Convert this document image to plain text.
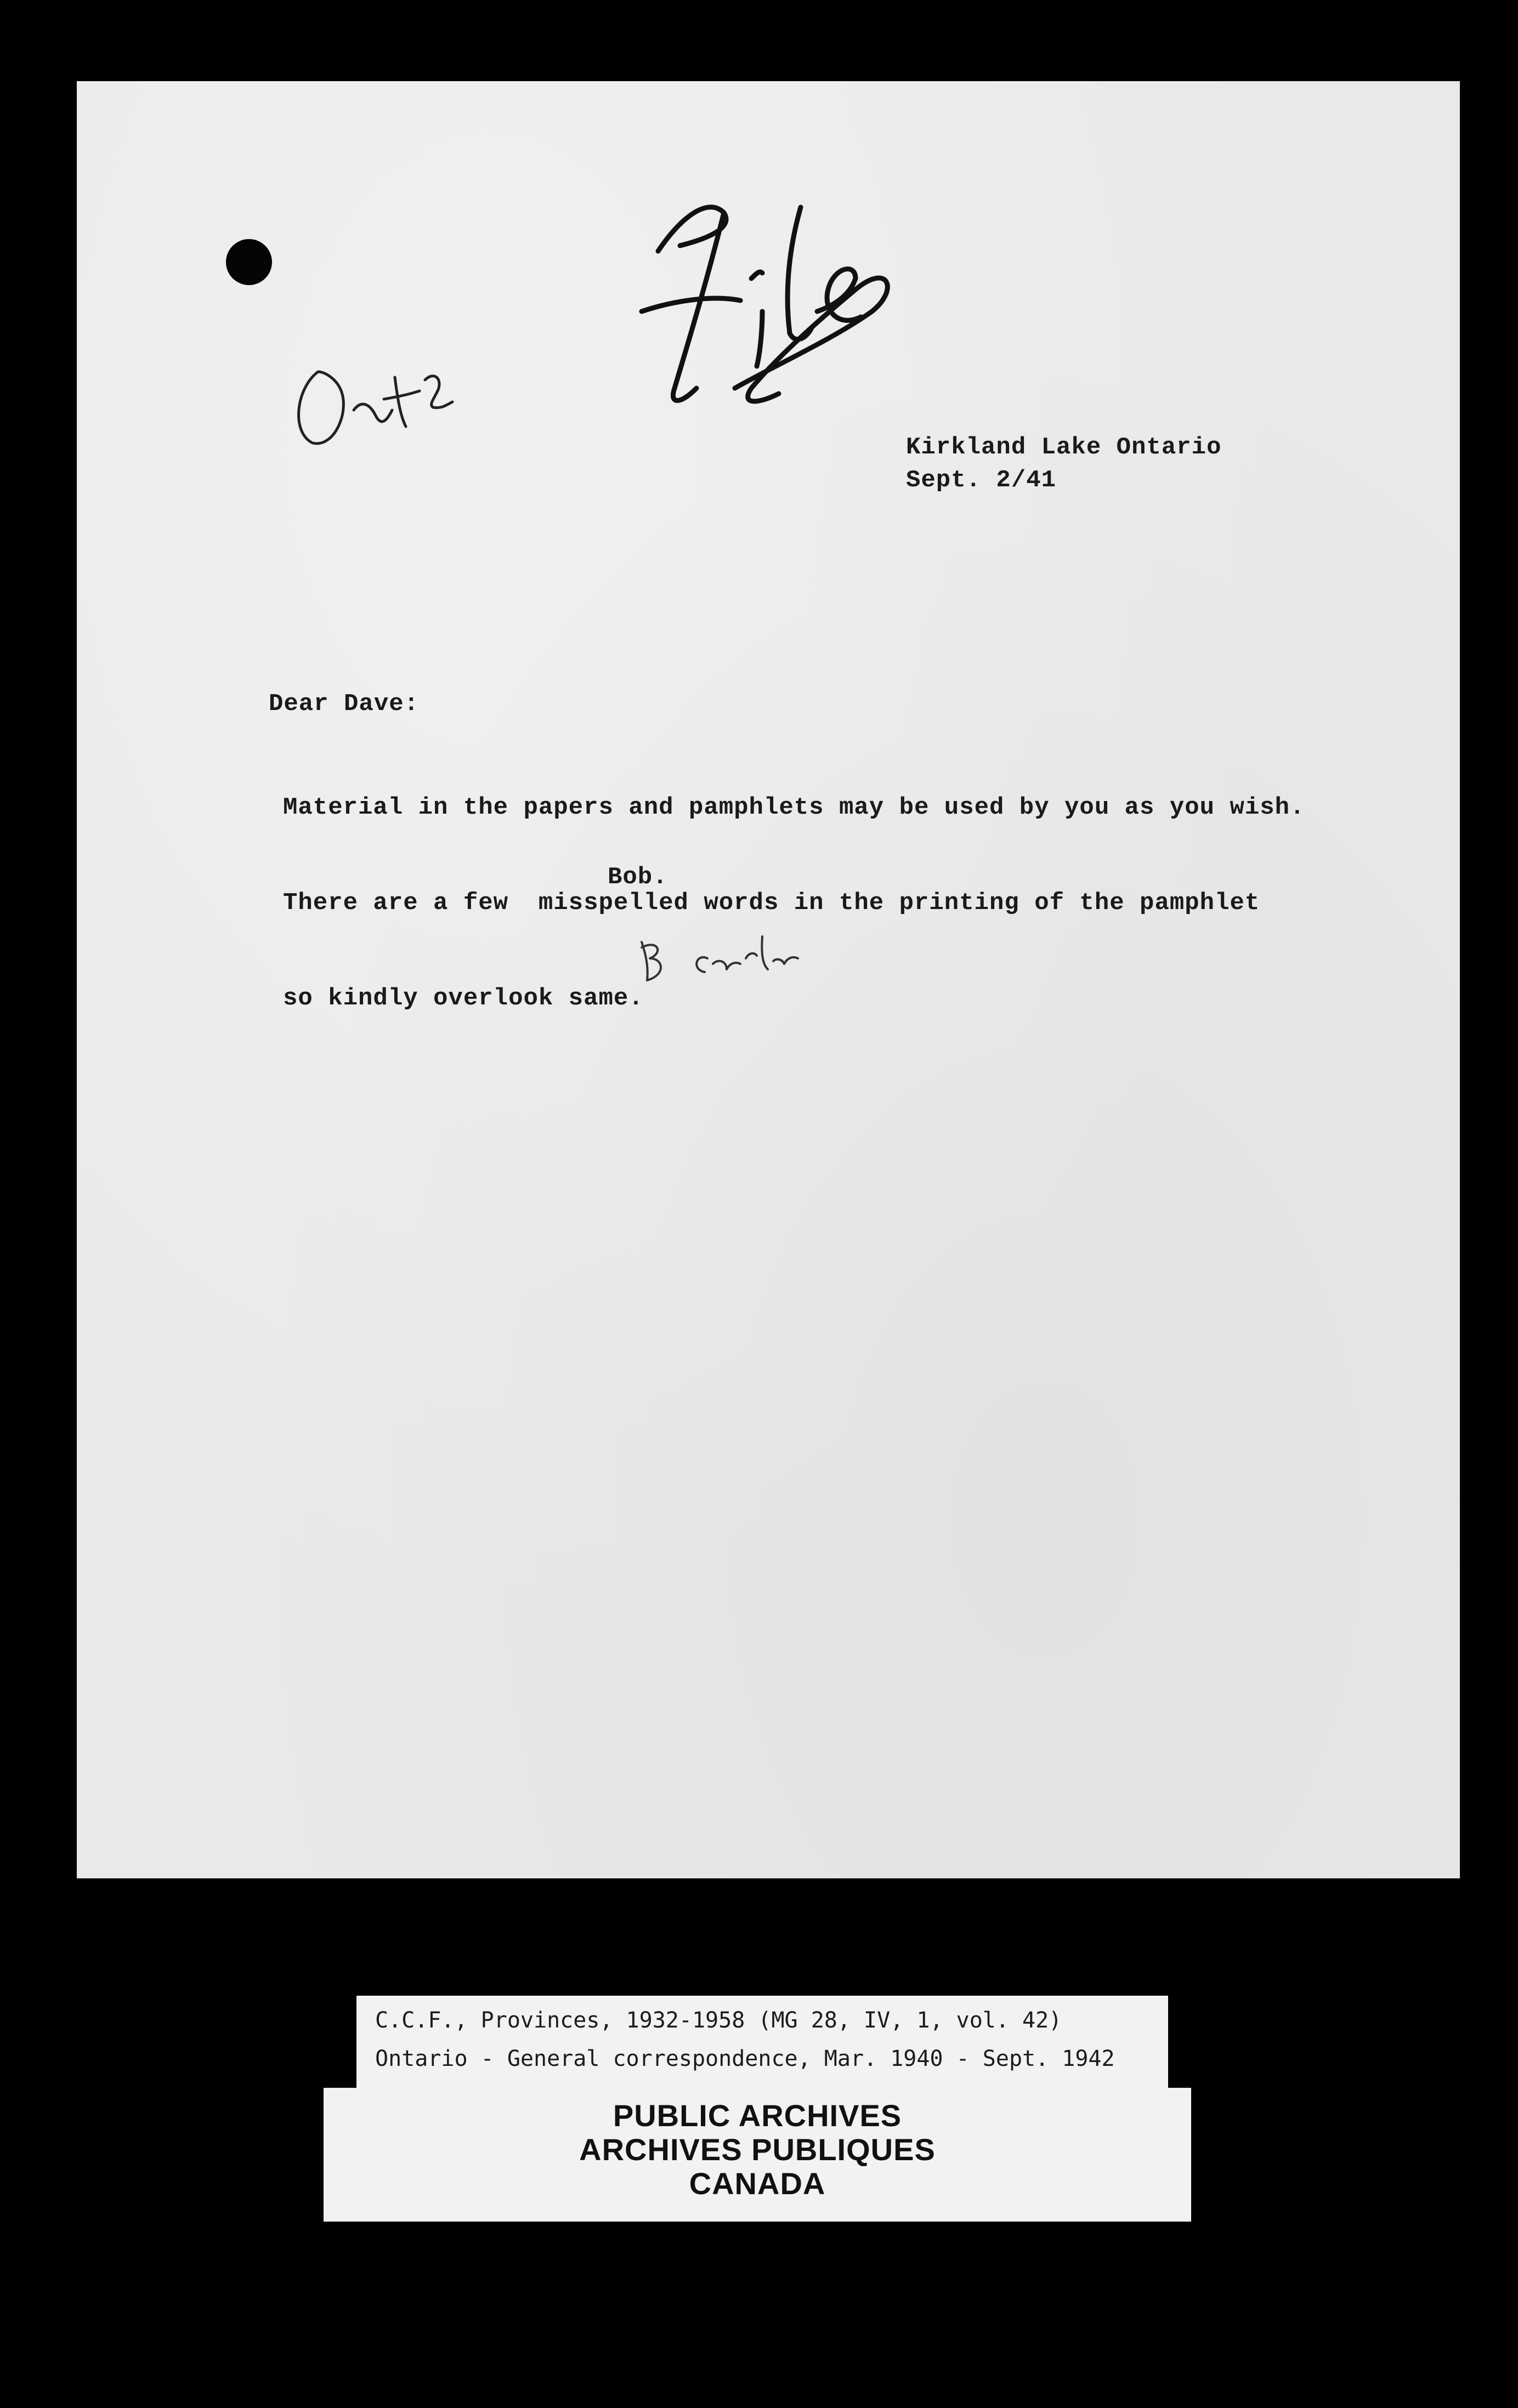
Kirkland Lake Ontario
Sept. 2/41
Dear Dave:

Material in the papers and pamphlets may be used by you as you wish.

There are a few  misspelled words in the printing of the pamphlet

so kindly overlook same.

Bob.
C.C.F., Provinces, 1932-1958 (MG 28, IV, 1, vol. 42)
Ontario - General correspondence, Mar. 1940 - Sept. 1942
PUBLIC ARCHIVES
ARCHIVES PUBLIQUES
CANADA
